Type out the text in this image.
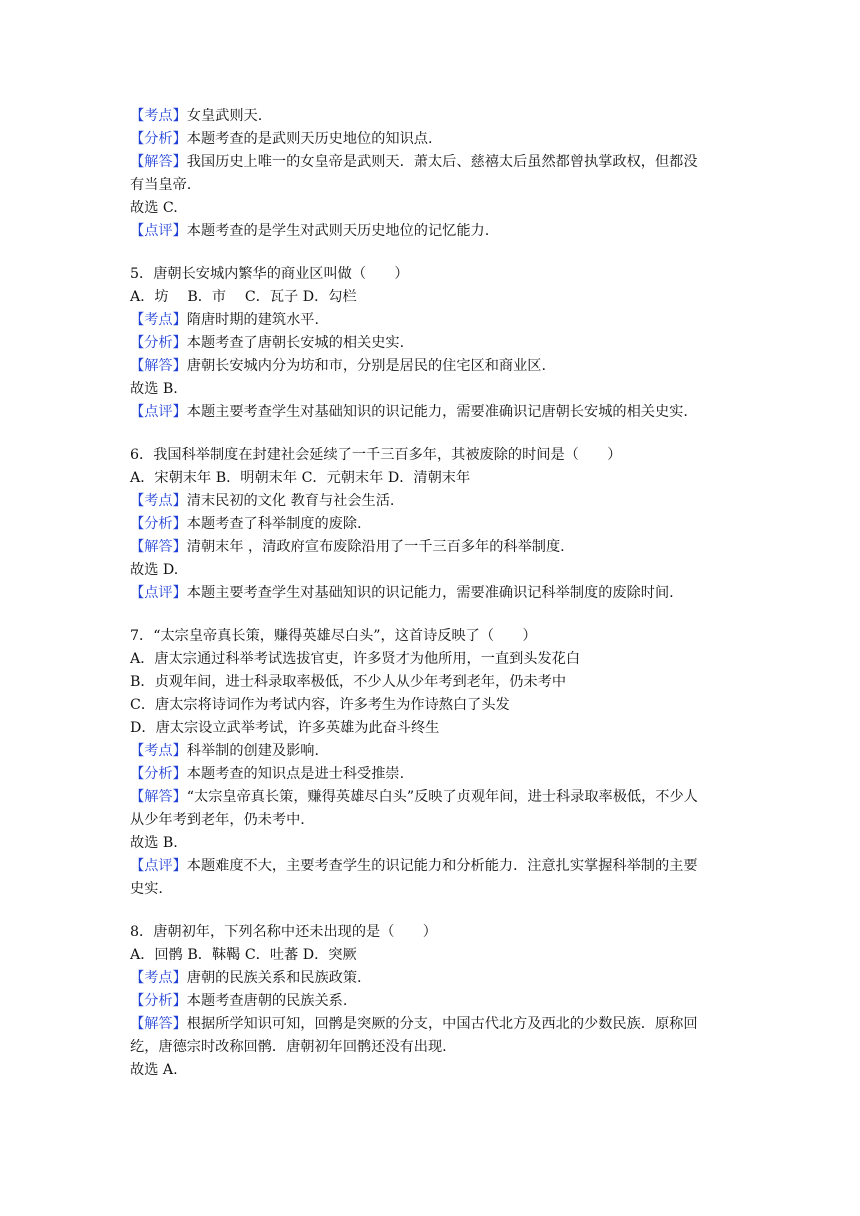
【考点】女皇武则天.
【分析】本题考查的是武则天历史地位的知识点.
【解答】我国历史上唯一的女皇帝是武则天．萧太后、慈禧太后虽然都曾执掌政权，但都没
有当皇帝.
故选 C.
【点评】本题考查的是学生对武则天历史地位的记忆能力.
5．唐朝长安城内繁华的商业区叫做（　　）
A．坊　 B．市　 C．瓦子 D．勾栏
【考点】隋唐时期的建筑水平.
【分析】本题考查了唐朝长安城的相关史实.
【解答】唐朝长安城内分为坊和市，分别是居民的住宅区和商业区.
故选 B.
【点评】本题主要考查学生对基础知识的识记能力，需要准确识记唐朝长安城的相关史实.
6．我国科举制度在封建社会延续了一千三百多年，其被废除的时间是（　　）
A．宋朝末年 B．明朝末年 C．元朝末年 D．清朝末年
【考点】清末民初的文化 教育与社会生活.
【分析】本题考查了科举制度的废除.
【解答】清朝末年 ，清政府宣布废除沿用了一千三百多年的科举制度.
故选 D.
【点评】本题主要考查学生对基础知识的识记能力，需要准确识记科举制度的废除时间.
7．“太宗皇帝真长策，赚得英雄尽白头”，这首诗反映了（　　）
A．唐太宗通过科举考试选拔官吏，许多贤才为他所用，一直到头发花白
B．贞观年间，进士科录取率极低，不少人从少年考到老年，仍未考中
C．唐太宗将诗词作为考试内容，许多考生为作诗熬白了头发
D．唐太宗设立武举考试，许多英雄为此奋斗终生
【考点】科举制的创建及影响.
【分析】本题考查的知识点是进士科受推崇.
【解答】“太宗皇帝真长策，赚得英雄尽白头”反映了贞观年间，进士科录取率极低，不少人
从少年考到老年，仍未考中.
故选 B.
【点评】本题难度不大，主要考查学生的识记能力和分析能力．注意扎实掌握科举制的主要
史实.
8．唐朝初年，下列名称中还未出现的是（　　）
A．回鹘 B．靺鞨 C．吐蕃 D．突厥
【考点】唐朝的民族关系和民族政策.
【分析】本题考查唐朝的民族关系.
【解答】根据所学知识可知，回鹘是突厥的分支，中国古代北方及西北的少数民族．原称回
纥，唐德宗时改称回鹘．唐朝初年回鹘还没有出现.
故选 A.
